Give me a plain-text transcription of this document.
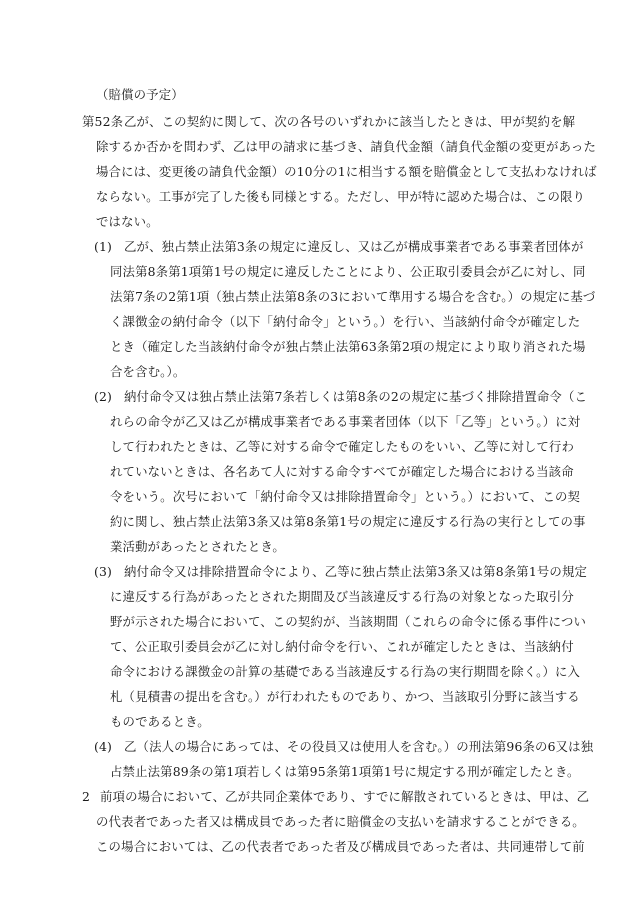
（賠償の予定）
第52条 乙が、この契約に関して、次の各号のいずれかに該当したときは、甲が契約を解
除するか否かを問わず、乙は甲の請求に基づき、請負代金額（請負代金額の変更があった
場合には、変更後の請負代金額）の10分の1に相当する額を賠償金として支払わなければ
ならない。工事が完了した後も同様とする。ただし、甲が特に認めた場合は、この限り
ではない。
(1) 乙が、独占禁止法第3条の規定に違反し、又は乙が構成事業者である事業者団体が
同法第8条第1項第1号の規定に違反したことにより、公正取引委員会が乙に対し、同
法第7条の2第1項（独占禁止法第8条の3において準用する場合を含む。）の規定に基づ
く課徴金の納付命令（以下「納付命令」という。）を行い、当該納付命令が確定した
とき（確定した当該納付命令が独占禁止法第63条第2項の規定により取り消された場
合を含む。）。
(2) 納付命令又は独占禁止法第7条若しくは第8条の2の規定に基づく排除措置命令（こ
れらの命令が乙又は乙が構成事業者である事業者団体（以下「乙等」という。）に対
して行われたときは、乙等に対する命令で確定したものをいい、乙等に対して行わ
れていないときは、各名あて人に対する命令すべてが確定した場合における当該命
令をいう。次号において「納付命令又は排除措置命令」という。）において、この契
約に関し、独占禁止法第3条又は第8条第1号の規定に違反する行為の実行としての事
業活動があったとされたとき。
(3) 納付命令又は排除措置命令により、乙等に独占禁止法第3条又は第8条第1号の規定
に違反する行為があったとされた期間及び当該違反する行為の対象となった取引分
野が示された場合において、この契約が、当該期間（これらの命令に係る事件につい
て、公正取引委員会が乙に対し納付命令を行い、これが確定したときは、当該納付
命令における課徴金の計算の基礎である当該違反する行為の実行期間を除く。）に入
札（見積書の提出を含む。）が行われたものであり、かつ、当該取引分野に該当する
ものであるとき。
(4) 乙（法人の場合にあっては、その役員又は使用人を含む。）の刑法第96条の6又は独
占禁止法第89条の第1項若しくは第95条第1項第1号に規定する刑が確定したとき。
2 前項の場合において、乙が共同企業体であり、すでに解散されているときは、甲は、乙
の代表者であった者又は構成員であった者に賠償金の支払いを請求することができる。
この場合においては、乙の代表者であった者及び構成員であった者は、共同連帯して前
